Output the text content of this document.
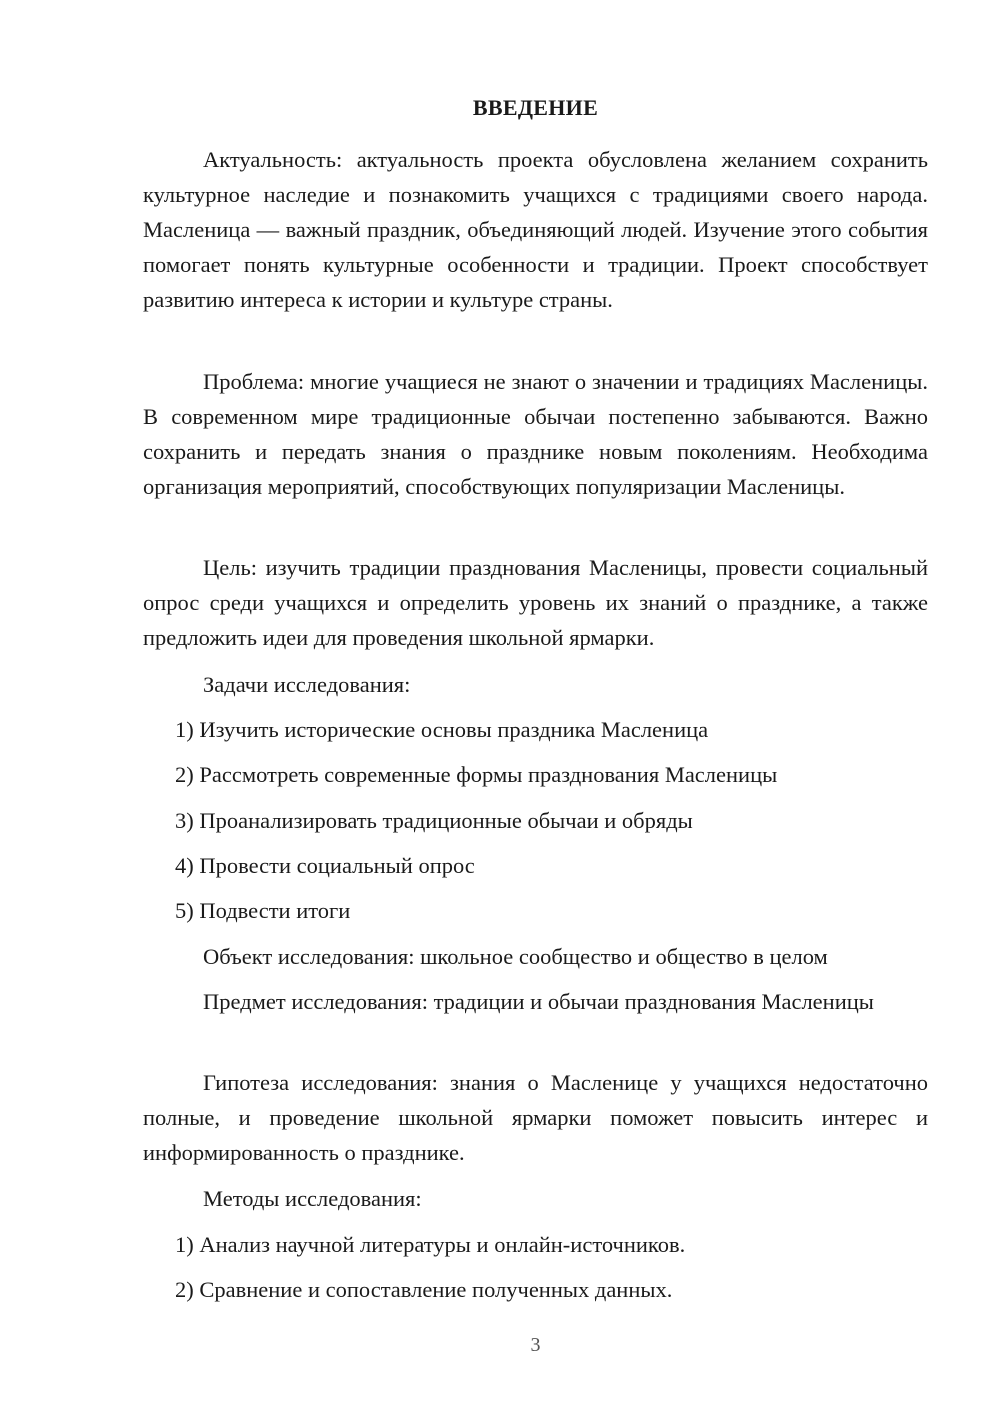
ВВЕДЕНИЕ
Актуальность: актуальность проекта обусловлена желанием сохранить культурное наследие и познакомить учащихся с традициями своего народа. Масленица — важный праздник, объединяющий людей. Изучение этого события помогает понять культурные особенности и традиции. Проект способствует развитию интереса к истории и культуре страны.
Проблема: многие учащиеся не знают о значении и традициях Масленицы. В современном мире традиционные обычаи постепенно забываются. Важно сохранить и передать знания о празднике новым поколениям. Необходима организация мероприятий, способствующих популяризации Масленицы.
Цель: изучить традиции празднования Масленицы, провести социальный опрос среди учащихся и определить уровень их знаний о празднике, а также предложить идеи для проведения школьной ярмарки.
Задачи исследования:
1) Изучить исторические основы праздника Масленица
2) Рассмотреть современные формы празднования Масленицы
3) Проанализировать традиционные обычаи и обряды
4) Провести социальный опрос
5) Подвести итоги
Объект исследования: школьное сообщество и общество в целом
Предмет исследования: традиции и обычаи празднования Масленицы
Гипотеза исследования: знания о Масленице у учащихся недостаточно полные, и проведение школьной ярмарки поможет повысить интерес и информированность о празднике.
Методы исследования:
1) Анализ научной литературы и онлайн-источников.
2) Сравнение и сопоставление полученных данных.
3
